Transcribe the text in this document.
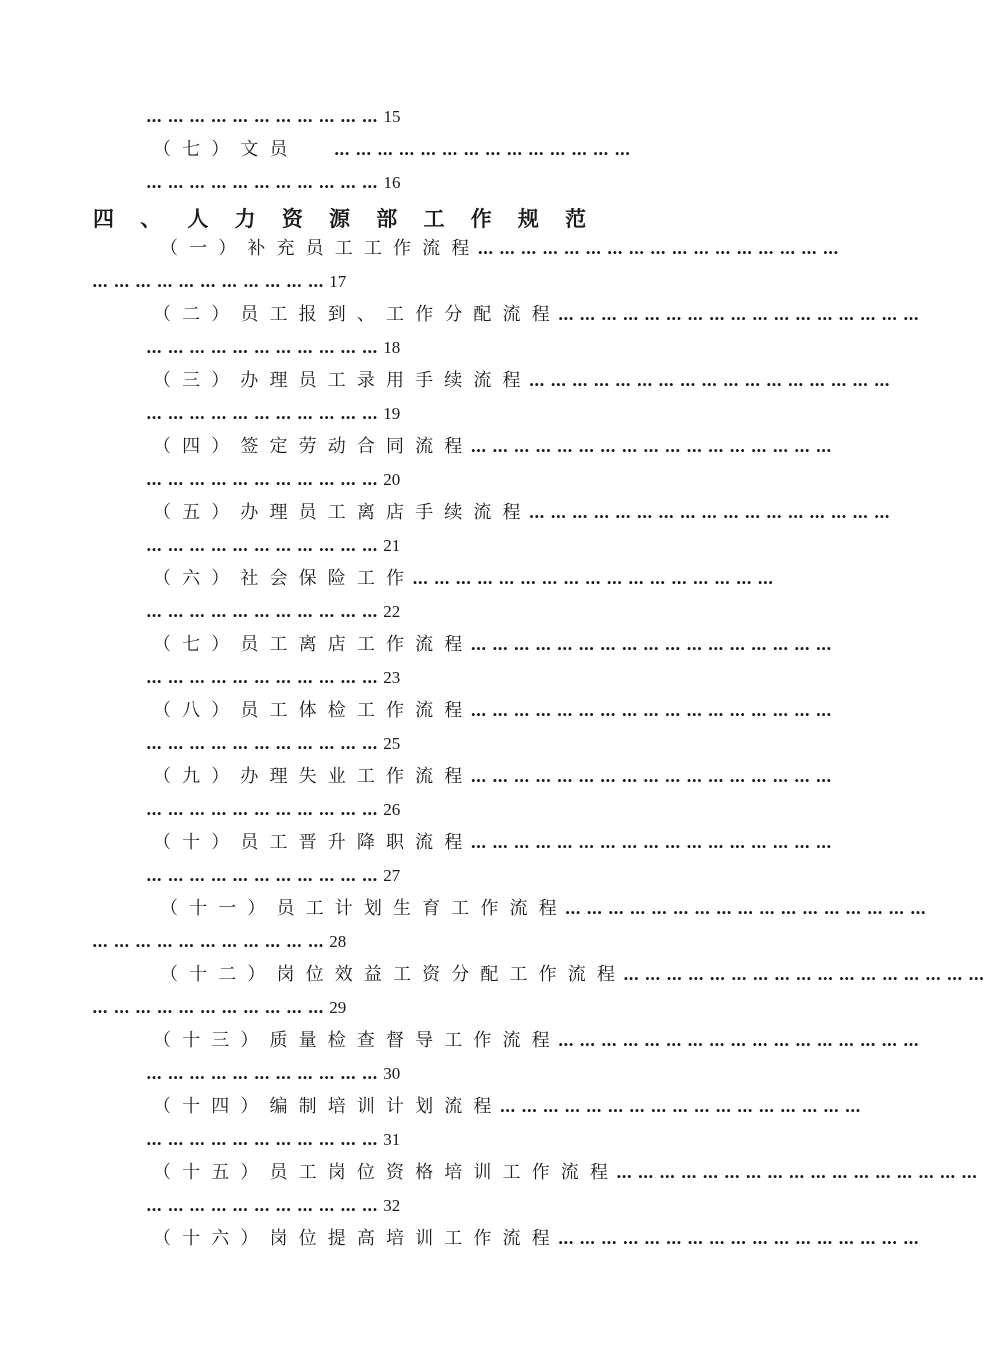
… … … … … … … … … … … 15
（ 七 ） 文 员	… … … … … … … … … … … … … …
… … … … … … … … … … … 16
四 、 人 力 资 源 部 工 作 规 范
（ 一 ） 补 充 员 工 工 作 流 程 … … … … … … … … … … … … … … … … …
… … … … … … … … … … … 17
（ 二 ） 员 工 报 到 、 工 作 分 配 流 程 … … … … … … … … … … … … … … … … …
… … … … … … … … … … … 18
（ 三 ） 办 理 员 工 录 用 手 续 流 程 … … … … … … … … … … … … … … … … …
… … … … … … … … … … … 19
（ 四 ） 签 定 劳 动 合 同 流 程 … … … … … … … … … … … … … … … … …
… … … … … … … … … … … 20
（ 五 ） 办 理 员 工 离 店 手 续 流 程 … … … … … … … … … … … … … … … … …
… … … … … … … … … … … 21
（ 六 ） 社 会 保 险 工 作 … … … … … … … … … … … … … … … … …
… … … … … … … … … … … 22
（ 七 ） 员 工 离 店 工 作 流 程 … … … … … … … … … … … … … … … … …
… … … … … … … … … … … 23
（ 八 ） 员 工 体 检 工 作 流 程 … … … … … … … … … … … … … … … … …
… … … … … … … … … … … 25
（ 九 ） 办 理 失 业 工 作 流 程 … … … … … … … … … … … … … … … … …
… … … … … … … … … … … 26
（ 十 ） 员 工 晋 升 降 职 流 程 … … … … … … … … … … … … … … … … …
… … … … … … … … … … … 27
（ 十 一 ） 员 工 计 划 生 育 工 作 流 程 … … … … … … … … … … … … … … … … …
… … … … … … … … … … … 28
（ 十 二 ） 岗 位 效 益 工 资 分 配 工 作 流 程 … … … … … … … … … … … … … … … … …
… … … … … … … … … … … 29
（ 十 三 ） 质 量 检 查 督 导 工 作 流 程 … … … … … … … … … … … … … … … … …
… … … … … … … … … … … 30
（ 十 四 ） 编 制 培 训 计 划 流 程 … … … … … … … … … … … … … … … … …
… … … … … … … … … … … 31
（ 十 五 ） 员 工 岗 位 资 格 培 训 工 作 流 程 … … … … … … … … … … … … … … … … …
… … … … … … … … … … … 32
（ 十 六 ） 岗 位 提 高 培 训 工 作 流 程 … … … … … … … … … … … … … … … … …
